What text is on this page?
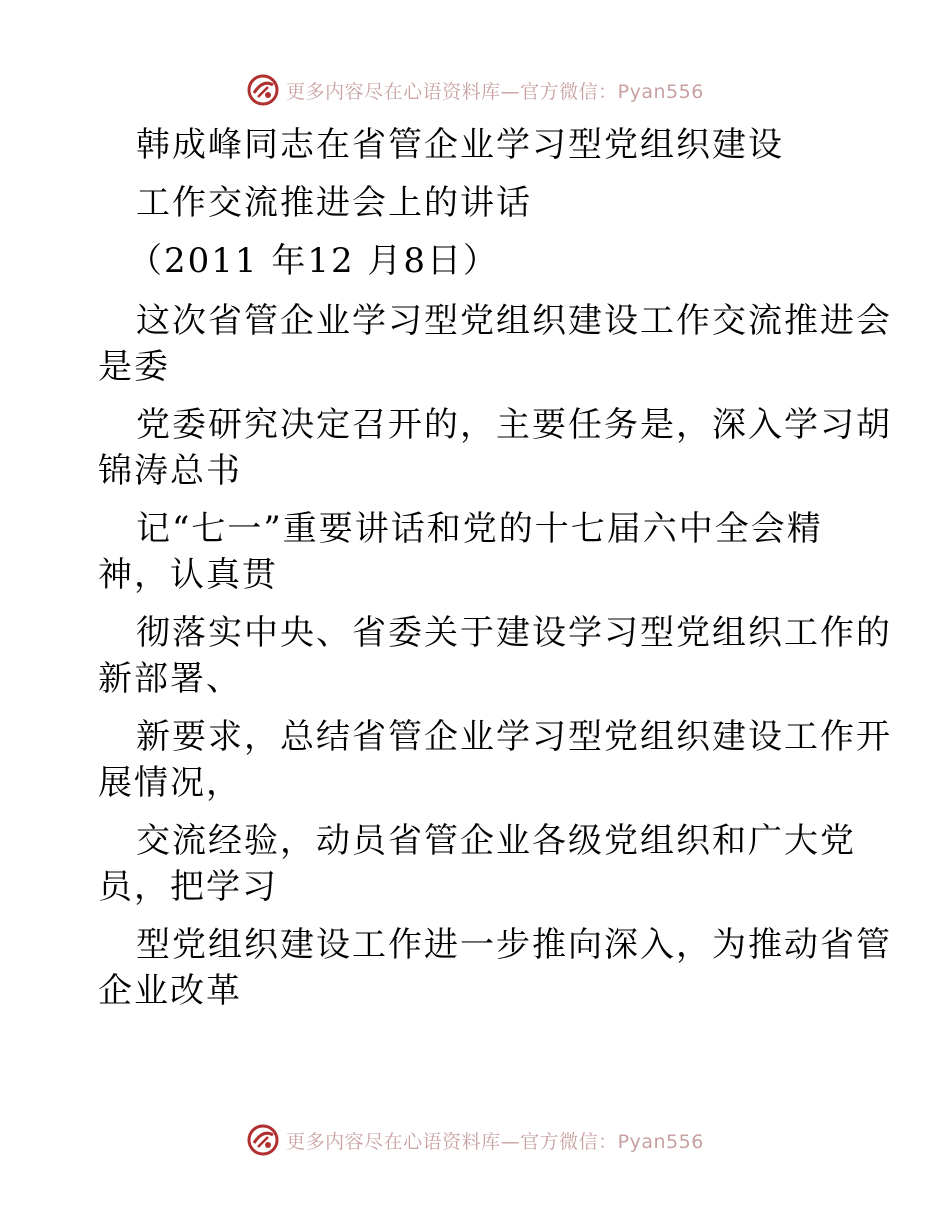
更多内容尽在心语资料库—官方微信：Pyan556
韩成峰同志在省管企业学习型党组织建设
工作交流推进会上的讲话
（2011 年12 月8日）
这次省管企业学习型党组织建设工作交流推进会
是委
党委研究决定召开的，主要任务是，深入学习胡
锦涛总书
记“七一”重要讲话和党的十七届六中全会精
神，认真贯
彻落实中央、省委关于建设学习型党组织工作的
新部署、
新要求，总结省管企业学习型党组织建设工作开
展情况，
交流经验，动员省管企业各级党组织和广大党
员，把学习
型党组织建设工作进一步推向深入，为推动省管
企业改革
更多内容尽在心语资料库—官方微信：Pyan556
